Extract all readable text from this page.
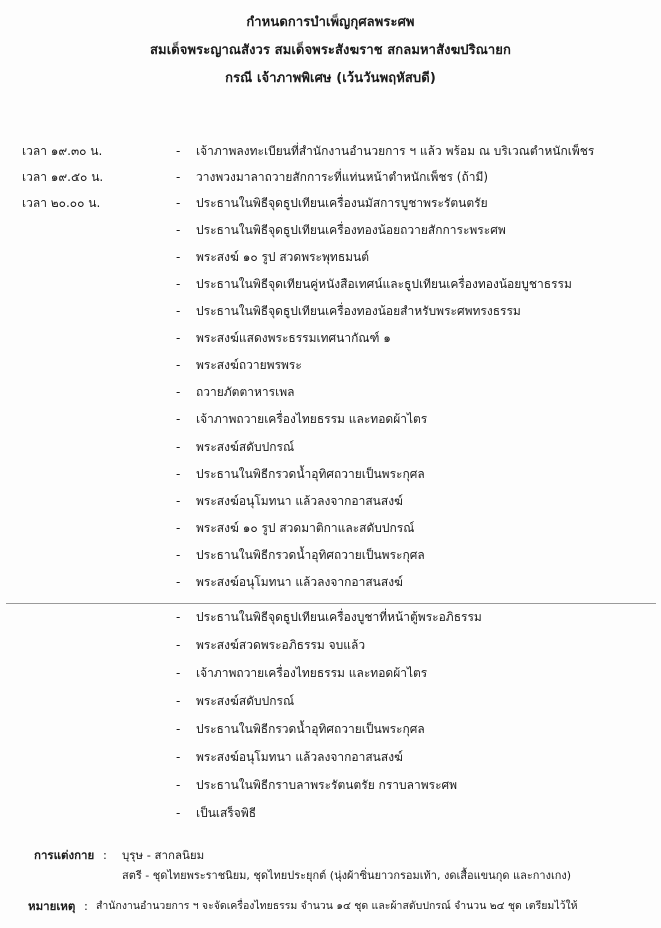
กำหนดการบำเพ็ญกุศลพระศพ
สมเด็จพระญาณสังวร สมเด็จพระสังฆราช สกลมหาสังฆปริณายก
กรณี เจ้าภาพพิเศษ (เว้นวันพฤหัสบดี)
เวลา ๑๙.๓๐ น.	- เจ้าภาพลงทะเบียนที่สำนักงานอำนวยการ ฯ แล้ว พร้อม ณ บริเวณตำหนักเพ็ชร
เวลา ๑๙.๕๐ น.	- วางพวงมาลาถวายสักการะที่แท่นหน้าตำหนักเพ็ชร (ถ้ามี)
เวลา ๒๐.๐๐ น.	- ประธานในพิธีจุดธูปเทียนเครื่องนมัสการบูชาพระรัตนตรัย
- ประธานในพิธีจุดธูปเทียนเครื่องทองน้อยถวายสักการะพระศพ
- พระสงฆ์ ๑๐ รูป สวดพระพุทธมนต์
- ประธานในพิธีจุดเทียนคู่หนังสือเทศน์และธูปเทียนเครื่องทองน้อยบูชาธรรม
- ประธานในพิธีจุดธูปเทียนเครื่องทองน้อยสำหรับพระศพทรงธรรม
- พระสงฆ์แสดงพระธรรมเทศนากัณฑ์ ๑
- พระสงฆ์ถวายพรพระ
- ถวายภัตตาหารเพล
- เจ้าภาพถวายเครื่องไทยธรรม และทอดผ้าไตร
- พระสงฆ์สดับปกรณ์
- ประธานในพิธีกรวดน้ำอุทิศถวายเป็นพระกุศล
- พระสงฆ์อนุโมทนา แล้วลงจากอาสนสงฆ์
- พระสงฆ์ ๑๐ รูป สวดมาติกาและสดับปกรณ์
- ประธานในพิธีกรวดน้ำอุทิศถวายเป็นพระกุศล
- พระสงฆ์อนุโมทนา แล้วลงจากอาสนสงฆ์
- ประธานในพิธีจุดธูปเทียนเครื่องบูชาที่หน้าตู้พระอภิธรรม
- พระสงฆ์สวดพระอภิธรรม จบแล้ว
- เจ้าภาพถวายเครื่องไทยธรรม และทอดผ้าไตร
- พระสงฆ์สดับปกรณ์
- ประธานในพิธีกรวดน้ำอุทิศถวายเป็นพระกุศล
- พระสงฆ์อนุโมทนา แล้วลงจากอาสนสงฆ์
- ประธานในพิธีกราบลาพระรัตนตรัย กราบลาพระศพ
- เป็นเสร็จพิธี
การแต่งกาย : บุรุษ - สากลนิยม
สตรี - ชุดไทยพระราชนิยม, ชุดไทยประยุกต์ (นุ่งผ้าซิ่นยาวกรอมเท้า, งดเสื้อแขนกุด และกางเกง)
หมายเหตุ : สำนักงานอำนวยการ ฯ จะจัดเครื่องไทยธรรม จำนวน ๑๔ ชุด และผ้าสดับปกรณ์ จำนวน ๒๔ ชุด เตรียมไว้ให้
